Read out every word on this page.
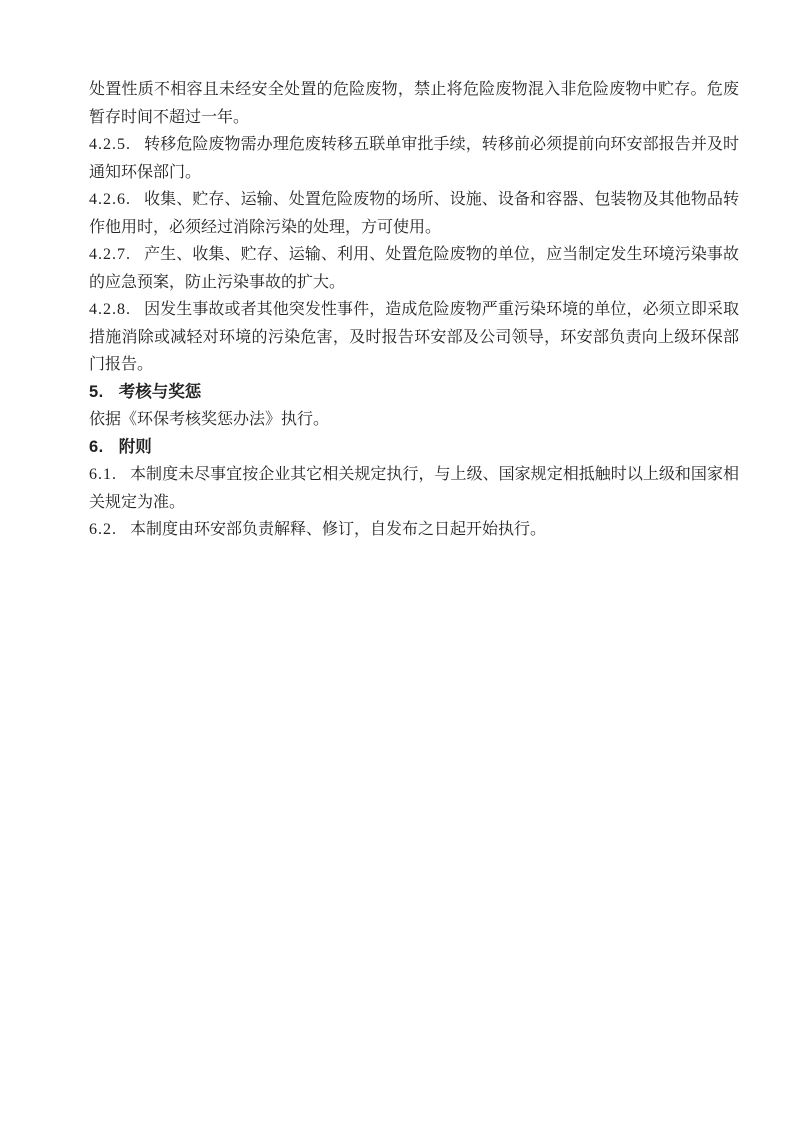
处置性质不相容且未经安全处置的危险废物，禁止将危险废物混入非危险废物中贮存。危废暂存时间不超过一年。

4.2.5. 转移危险废物需办理危废转移五联单审批手续，转移前必须提前向环安部报告并及时通知环保部门。

4.2.6. 收集、贮存、运输、处置危险废物的场所、设施、设备和容器、包装物及其他物品转作他用时，必须经过消除污染的处理，方可使用。

4.2.7. 产生、收集、贮存、运输、利用、处置危险废物的单位，应当制定发生环境污染事故的应急预案，防止污染事故的扩大。

4.2.8. 因发生事故或者其他突发性事件，造成危险废物严重污染环境的单位，必须立即采取措施消除或减轻对环境的污染危害，及时报告环安部及公司领导，环安部负责向上级环保部门报告。

5. 考核与奖惩

依据《环保考核奖惩办法》执行。

6. 附则

6.1. 本制度未尽事宜按企业其它相关规定执行，与上级、国家规定相抵触时以上级和国家相关规定为准。

6.2. 本制度由环安部负责解释、修订，自发布之日起开始执行。
